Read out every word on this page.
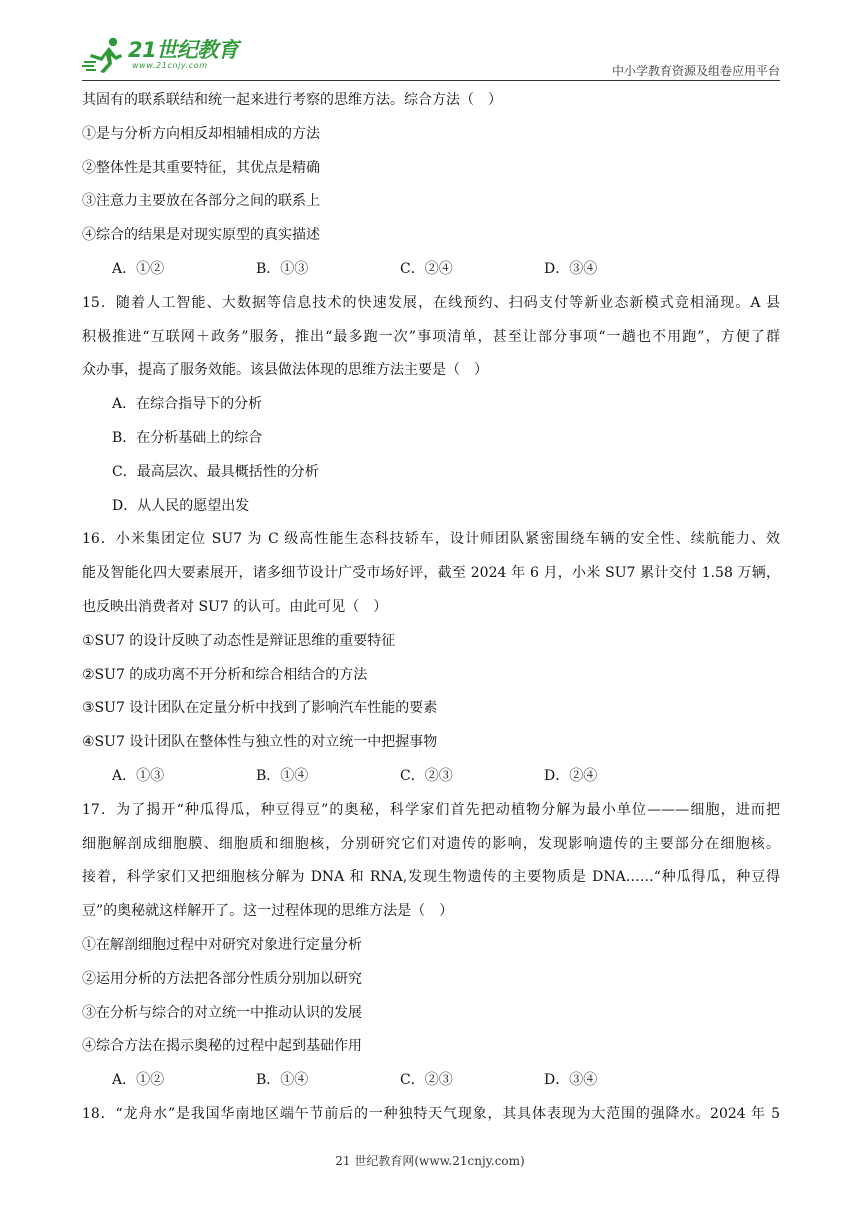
21世纪教育
www.21cnjy.com	中小学教育资源及组卷应用平台
其固有的联系联结和统一起来进行考察的思维方法。综合方法（　）
①是与分析方向相反却相辅相成的方法
②整体性是其重要特征，其优点是精确
③注意力主要放在各部分之间的联系上
④综合的结果是对现实原型的真实描述
A．①②	B．①③	C．②④	D．③④
15．随着人工智能、大数据等信息技术的快速发展，在线预约、扫码支付等新业态新模式竞相涌现。A 县
积极推进“互联网＋政务”服务，推出“最多跑一次”事项清单，甚至让部分事项“一趟也不用跑”，方便了群
众办事，提高了服务效能。该县做法体现的思维方法主要是（　）
A．在综合指导下的分析
B．在分析基础上的综合
C．最高层次、最具概括性的分析
D．从人民的愿望出发
16．小米集团定位 SU7 为 C 级高性能生态科技轿车，设计师团队紧密围绕车辆的安全性、续航能力、效
能及智能化四大要素展开，诸多细节设计广受市场好评，截至 2024 年 6 月，小米 SU7 累计交付 1.58 万辆，
也反映出消费者对 SU7 的认可。由此可见（　）
①SU7 的设计反映了动态性是辩证思维的重要特征
②SU7 的成功离不开分析和综合相结合的方法
③SU7 设计团队在定量分析中找到了影响汽车性能的要素
④SU7 设计团队在整体性与独立性的对立统一中把握事物
A．①③	B．①④	C．②③	D．②④
17．为了揭开“种瓜得瓜，种豆得豆”的奥秘，科学家们首先把动植物分解为最小单位———细胞，进而把
细胞解剖成细胞膜、细胞质和细胞核，分别研究它们对遗传的影响，发现影响遗传的主要部分在细胞核。
接着，科学家们又把细胞核分解为 DNA 和 RNA,发现生物遗传的主要物质是 DNA……“种瓜得瓜，种豆得
豆”的奥秘就这样解开了。这一过程体现的思维方法是（　）
①在解剖细胞过程中对研究对象进行定量分析
②运用分析的方法把各部分性质分别加以研究
③在分析与综合的对立统一中推动认识的发展
④综合方法在揭示奥秘的过程中起到基础作用
A．①②	B．①④	C．②③	D．③④
18．“龙舟水”是我国华南地区端午节前后的一种独特天气现象，其具体表现为大范围的强降水。2024 年 5
21 世纪教育网(www.21cnjy.com)
